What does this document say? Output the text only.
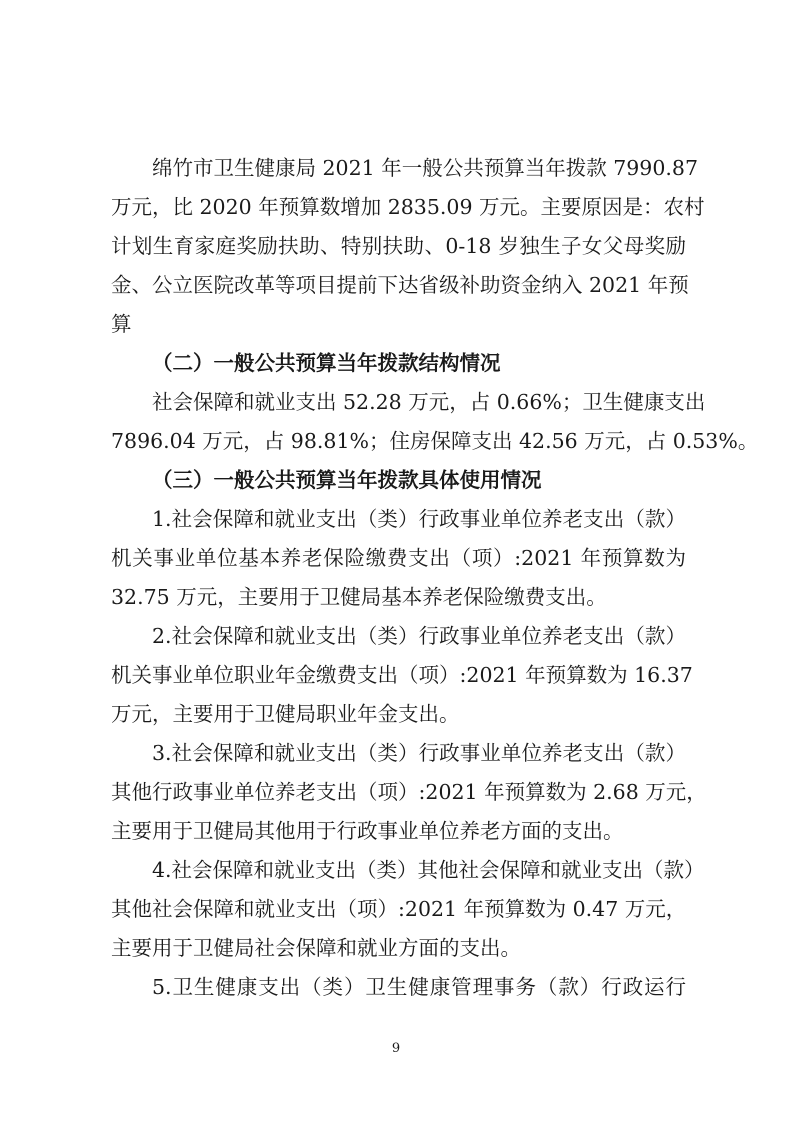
绵竹市卫生健康局 2021 年一般公共预算当年拨款 7990.87
万元，比 2020 年预算数增加 2835.09 万元。主要原因是：农村
计划生育家庭奖励扶助、特别扶助、0-18 岁独生子女父母奖励
金、公立医院改革等项目提前下达省级补助资金纳入 2021 年预
算
（二）一般公共预算当年拨款结构情况
社会保障和就业支出 52.28 万元，占 0.66%；卫生健康支出
7896.04 万元，占 98.81%；住房保障支出 42.56 万元，占 0.53%。
（三）一般公共预算当年拨款具体使用情况
1.社会保障和就业支出（类）行政事业单位养老支出（款）
机关事业单位基本养老保险缴费支出（项）:2021 年预算数为
32.75 万元，主要用于卫健局基本养老保险缴费支出。
2.社会保障和就业支出（类）行政事业单位养老支出（款）
机关事业单位职业年金缴费支出（项）:2021 年预算数为 16.37
万元，主要用于卫健局职业年金支出。
3.社会保障和就业支出（类）行政事业单位养老支出（款）
其他行政事业单位养老支出（项）:2021 年预算数为 2.68 万元，
主要用于卫健局其他用于行政事业单位养老方面的支出。
4.社会保障和就业支出（类）其他社会保障和就业支出（款）
其他社会保障和就业支出（项）:2021 年预算数为 0.47 万元，
主要用于卫健局社会保障和就业方面的支出。
5.卫生健康支出（类）卫生健康管理事务（款）行政运行
9
